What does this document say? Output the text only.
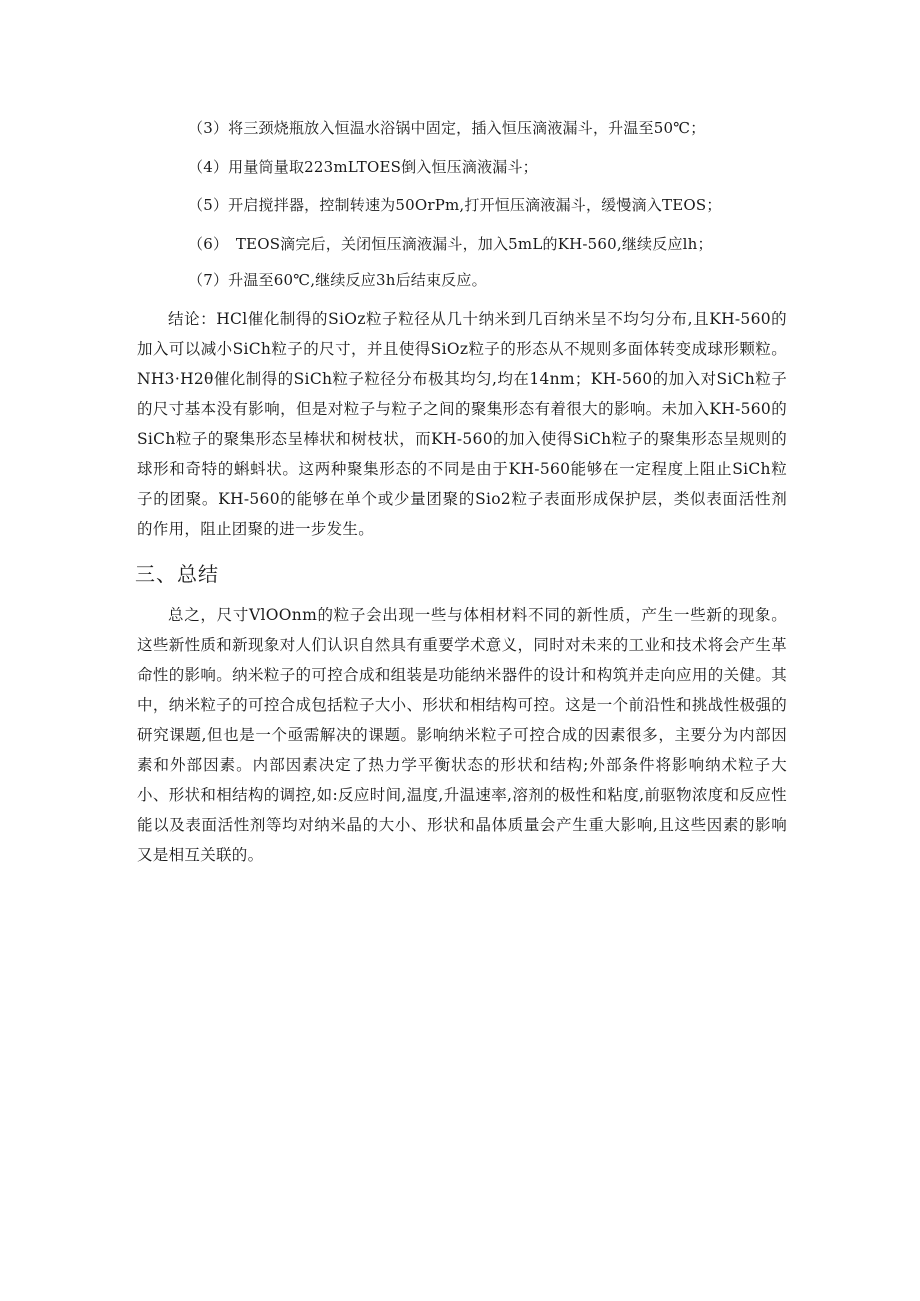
（3）将三颈烧瓶放入恒温水浴锅中固定，插入恒压滴液漏斗，升温至50℃；
（4）用量筒量取223mLTOES倒入恒压滴液漏斗；
（5）开启搅拌器，控制转速为50OrPm,打开恒压滴液漏斗，缓慢滴入TEOS；
（6）　TEOS滴完后，关闭恒压滴液漏斗，加入5mL的KH-560,继续反应lh；
（7）升温至60℃,继续反应3h后结束反应。
结论：HCl催化制得的SiOz粒子粒径从几十纳米到几百纳米呈不均匀分布,且KH-560的加入可以减小SiCh粒子的尺寸，并且使得SiOz粒子的形态从不规则多面体转变成球形颗粒。NH3·H2θ催化制得的SiCh粒子粒径分布极其均匀,均在14nm；KH-560的加入对SiCh粒子的尺寸基本没有影响，但是对粒子与粒子之间的聚集形态有着很大的影响。未加入KH-560的SiCh粒子的聚集形态呈棒状和树枝状，而KH-560的加入使得SiCh粒子的聚集形态呈规则的球形和奇特的蝌蚪状。这两种聚集形态的不同是由于KH-560能够在一定程度上阻止SiCh粒子的团聚。KH-560的能够在单个或少量团聚的Sio2粒子表面形成保护层，类似表面活性剂的作用，阻止团聚的进一步发生。
三、总结
总之，尺寸VlOOnm的粒子会出现一些与体相材料不同的新性质，产生一些新的现象。这些新性质和新现象对人们认识自然具有重要学术意义，同时对未来的工业和技术将会产生革命性的影响。纳米粒子的可控合成和组装是功能纳米器件的设计和构筑并走向应用的关健。其中，纳米粒子的可控合成包括粒子大小、形状和相结构可控。这是一个前沿性和挑战性极强的研究课题,但也是一个亟需解决的课题。影响纳米粒子可控合成的因素很多，主要分为内部因素和外部因素。内部因素决定了热力学平衡状态的形状和结构;外部条件将影响纳术粒子大小、形状和相结构的调控,如:反应时间,温度,升温速率,溶剂的极性和粘度,前驱物浓度和反应性能以及表面活性剂等均对纳米晶的大小、形状和晶体质量会产生重大影响,且这些因素的影响又是相互关联的。
